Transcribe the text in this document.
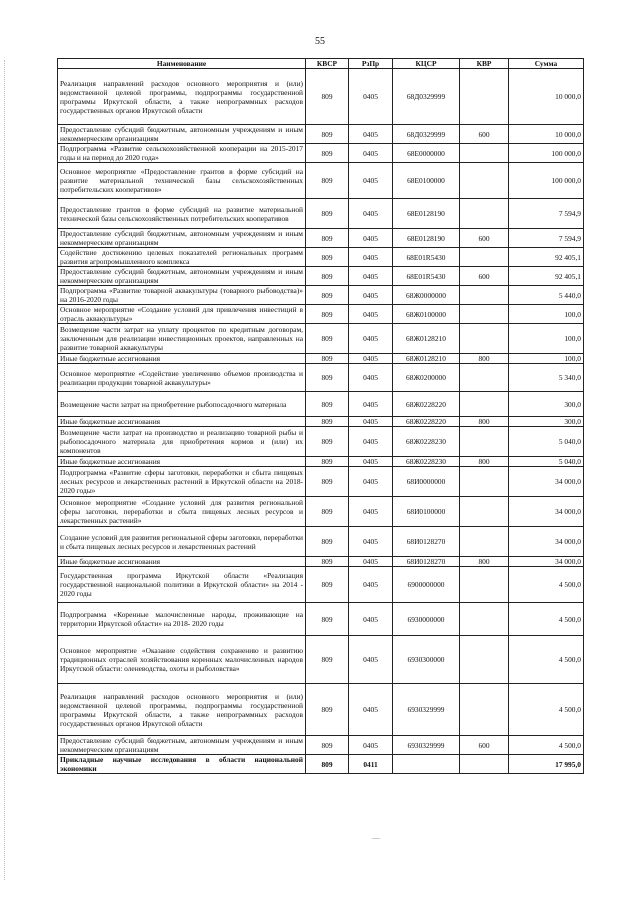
55
Наименование	КВСР	РзПр	КЦСР	КВР	Сумма
Реализация направлений расходов основного мероприятия и (или) ведомственной целевой программы, подпрограммы государственной программы Иркутской области, а также непрограммных расходов государственных органов Иркутской области	809	0405	68Д0329999		10 000,0
Предоставление субсидий бюджетным, автономным учреждениям и иным некоммерческим организациям	809	0405	68Д0329999	600	10 000,0
Подпрограмма «Развитие сельскохозяйственной кооперации на 2015-2017 годы и на период до 2020 года»	809	0405	68Е0000000		100 000,0
Основное мероприятие «Предоставление грантов в форме субсидий на развитие материальной технической базы сельскохозяйственных потребительских кооперативов»	809	0405	68Е0100000		100 000,0
Предоставление грантов в форме субсидий на развитие материальной технической базы сельскохозяйственных потребительских кооперативов	809	0405	68Е0128190		7 594,9
Предоставление субсидий бюджетным, автономным учреждениям и иным некоммерческим организациям	809	0405	68Е0128190	600	7 594,9
Содействие достижению целевых показателей региональных программ развития агропромышленного комплекса	809	0405	68Е01R5430		92 405,1
Предоставление субсидий бюджетным, автономным учреждениям и иным некоммерческим организациям	809	0405	68Е01R5430	600	92 405,1
Подпрограмма «Развитие товарной аквакультуры (товарного рыбоводства)» на 2016-2020 годы	809	0405	68Ж0000000		5 440,0
Основное мероприятие «Создание условий для привлечения инвестиций в отрасль аквакультуры»	809	0405	68Ж0100000		100,0
Возмещение части затрат на уплату процентов по кредитным договорам, заключенным для реализации инвестиционных проектов, направленных на развитие товарной аквакультуры	809	0405	68Ж0128210		100,0
Иные бюджетные ассигнования	809	0405	68Ж0128210	800	100,0
Основное мероприятие «Содействие увеличению объемов производства и реализации продукции товарной аквакультуры»	809	0405	68Ж0200000		5 340,0
Возмещение части затрат на приобретение рыбопосадочного материала	809	0405	68Ж0228220		300,0
Иные бюджетные ассигнования	809	0405	68Ж0228220	800	300,0
Возмещение части затрат на производство и реализацию товарной рыбы и рыбопосадочного материала для приобретения кормов и (или) их компонентов	809	0405	68Ж0228230		5 040,0
Иные бюджетные ассигнования	809	0405	68Ж0228230	800	5 040,0
Подпрограмма «Развитие сферы заготовки, переработки и сбыта пищевых лесных ресурсов и лекарственных растений в Иркутской области на 2018-2020 годы»	809	0405	68И0000000		34 000,0
Основное мероприятие «Создание условий для развития региональной сферы заготовки, переработки и сбыта пищевых лесных ресурсов и лекарственных растений»	809	0405	68И0100000		34 000,0
Создание условий для развития региональной сферы заготовки, переработки и сбыта пищевых лесных ресурсов и лекарственных растений	809	0405	68И0128270		34 000,0
Иные бюджетные ассигнования	809	0405	68И0128270	800	34 000,0
Государственная программа Иркутской области «Реализация государственной национальной политики в Иркутской области» на 2014 - 2020 годы	809	0405	6900000000		4 500,0
Подпрограмма «Коренные малочисленные народы, проживающие на территории Иркутской области» на 2018- 2020 годы	809	0405	6930000000		4 500,0
Основное мероприятие «Оказание содействия сохранению и развитию традиционных отраслей хозяйствования коренных малочисленных народов Иркутской области: оленеводства, охоты и рыболовства»	809	0405	6930300000		4 500,0
Реализация направлений расходов основного мероприятия и (или) ведомственной целевой программы, подпрограммы государственной программы Иркутской области, а также непрограммных расходов государственных органов Иркутской области	809	0405	6930329999		4 500,0
Предоставление субсидий бюджетным, автономным учреждениям и иным некоммерческим организациям	809	0405	6930329999	600	4 500,0
Прикладные научные исследования в области национальной экономики	809	0411			17 995,0
